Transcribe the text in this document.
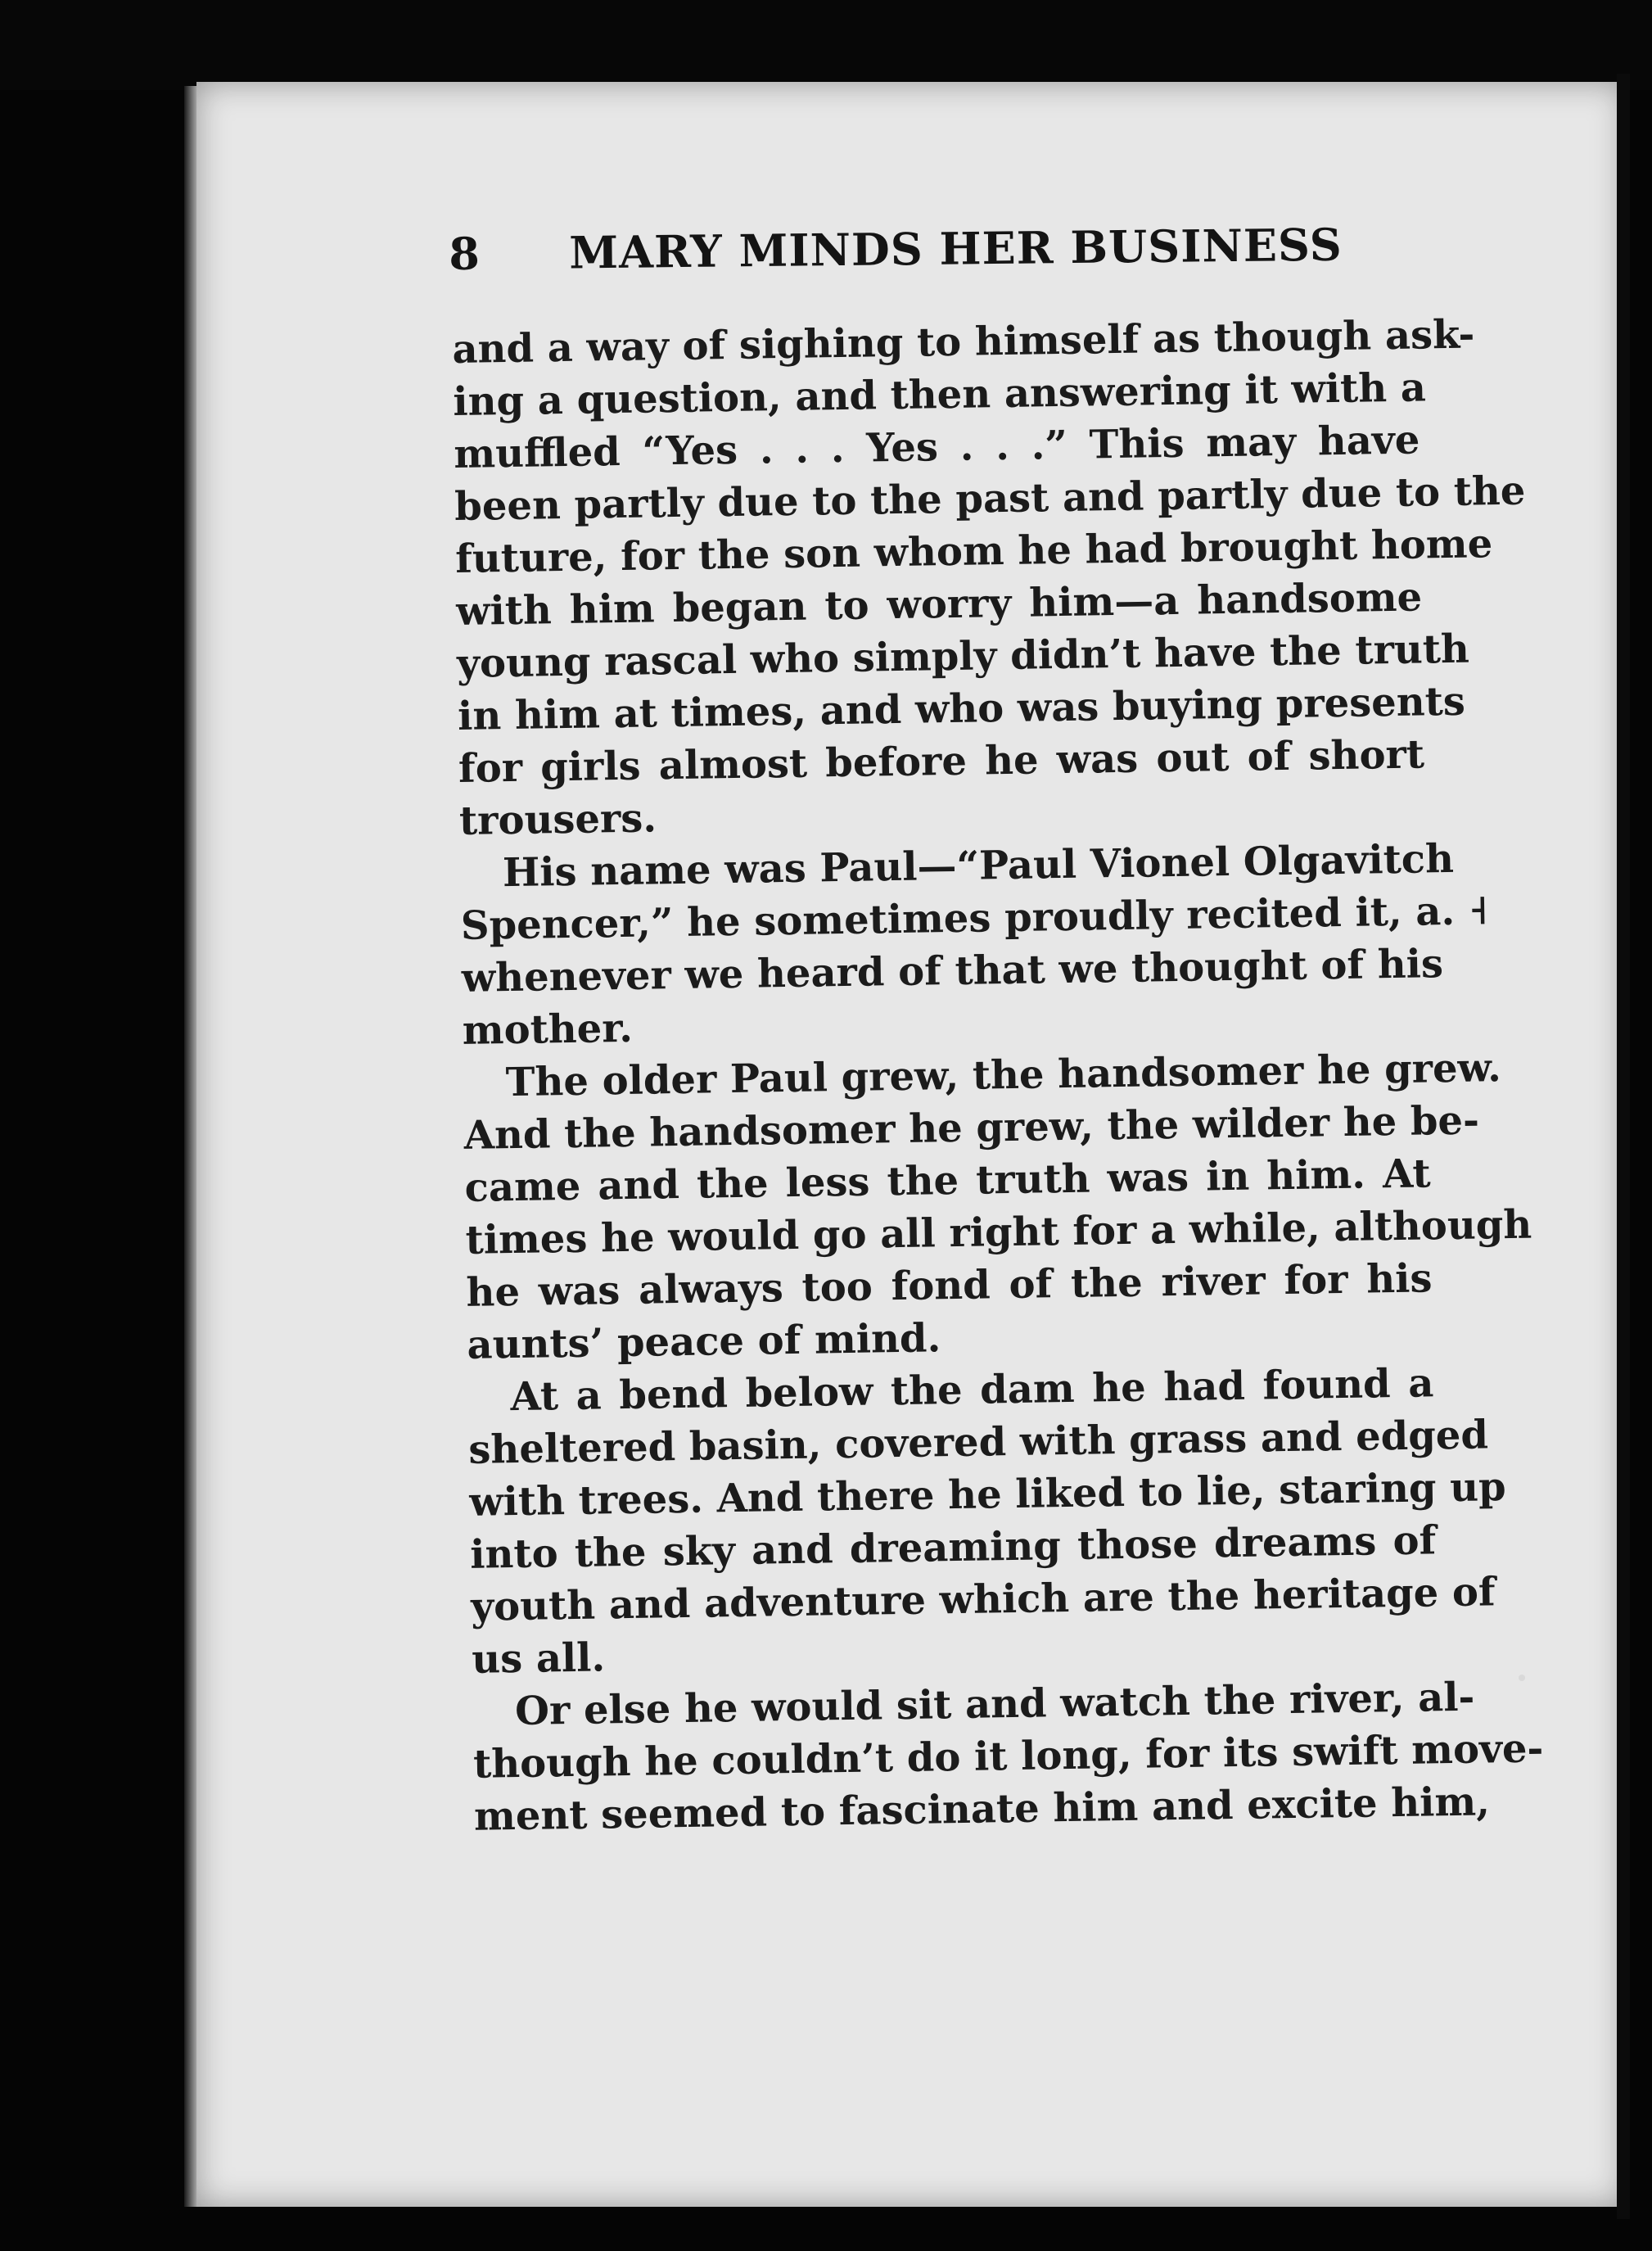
8 MARY MINDS HER BUSINESS
and a way of sighing to himself as though ask-
ing a question, and then answering it with a
muffled “Yes . . . Yes . . .” This may have
been partly due to the past and partly due to the
future, for the son whom he had brought home
with him began to worry him—a handsome
young rascal who simply didn’t have the truth
in him at times, and who was buying presents
for girls almost before he was out of short
trousers.
His name was Paul—“Paul Vionel Olgavitch
Spencer,” he sometimes proudly recited it, a. ˧
whenever we heard of that we thought of his
mother.
The older Paul grew, the handsomer he grew.
And the handsomer he grew, the wilder he be-
came and the less the truth was in him. At
times he would go all right for a while, although
he was always too fond of the river for his
aunts’ peace of mind.
At a bend below the dam he had found a
sheltered basin, covered with grass and edged
with trees. And there he liked to lie, staring up
into the sky and dreaming those dreams of
youth and adventure which are the heritage of
us all.
Or else he would sit and watch the river, al-
though he couldn’t do it long, for its swift move-
ment seemed to fascinate him and excite him,
